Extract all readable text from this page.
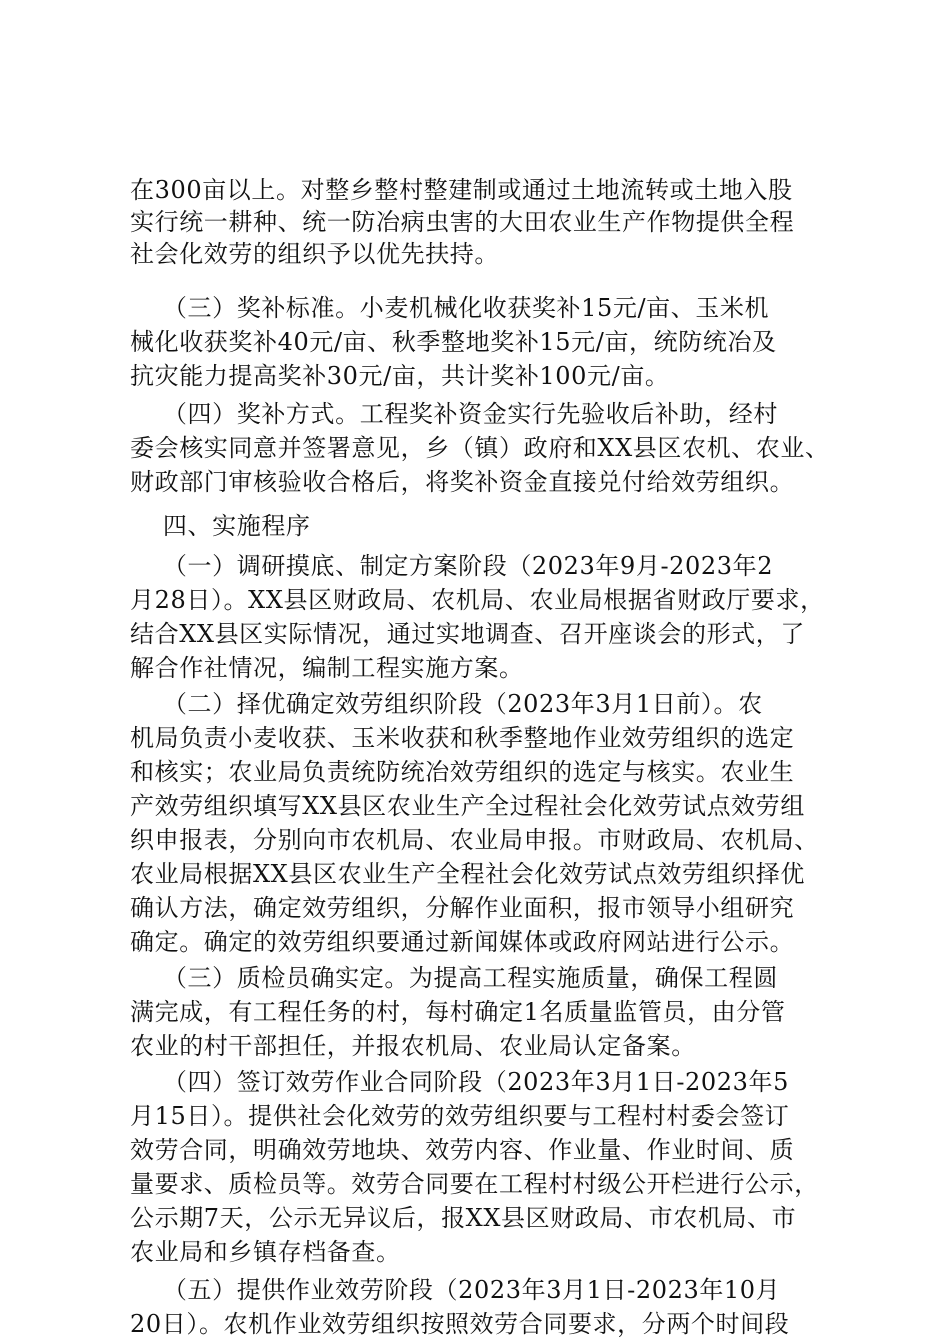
在300亩以上。对整乡整村整建制或通过土地流转或土地入股
实行统一耕种、统一防冶病虫害的大田农业生产作物提供全程
社会化效劳的组织予以优先扶持。
（三）奖补标准。小麦机械化收获奖补15元/亩、玉米机
械化收获奖补40元/亩、秋季整地奖补15元/亩，统防统冶及
抗灾能力提高奖补30元/亩，共计奖补100元/亩。
（四）奖补方式。工程奖补资金实行先验收后补助，经村
委会核实同意并签署意见，乡（镇）政府和XX县区农机、农业、
财政部门审核验收合格后，将奖补资金直接兑付给效劳组织。
四、实施程序
（一）调研摸底、制定方案阶段（2023年9月-2023年2
月28日）。XX县区财政局、农机局、农业局根据省财政厅要求，
结合XX县区实际情况，通过实地调查、召开座谈会的形式，了
解合作社情况，编制工程实施方案。
（二）择优确定效劳组织阶段（2023年3月1日前）。农
机局负责小麦收获、玉米收获和秋季整地作业效劳组织的选定
和核实；农业局负责统防统冶效劳组织的选定与核实。农业生
产效劳组织填写XX县区农业生产全过程社会化效劳试点效劳组
织申报表，分别向市农机局、农业局申报。市财政局、农机局、
农业局根据XX县区农业生产全程社会化效劳试点效劳组织择优
确认方法，确定效劳组织，分解作业面积，报市领导小组研究
确定。确定的效劳组织要通过新闻媒体或政府网站进行公示。
（三）质检员确实定。为提高工程实施质量，确保工程圆
满完成，有工程任务的村，每村确定1名质量监管员，由分管
农业的村干部担任，并报农机局、农业局认定备案。
（四）签订效劳作业合同阶段（2023年3月1日-2023年5
月15日）。提供社会化效劳的效劳组织要与工程村村委会签订
效劳合同，明确效劳地块、效劳内容、作业量、作业时间、质
量要求、质检员等。效劳合同要在工程村村级公开栏进行公示，
公示期7天，公示无异议后，报XX县区财政局、市农机局、市
农业局和乡镇存档备查。
（五）提供作业效劳阶段（2023年3月1日-2023年10月
20日）。农机作业效劳组织按照效劳合同要求，分两个时间段
